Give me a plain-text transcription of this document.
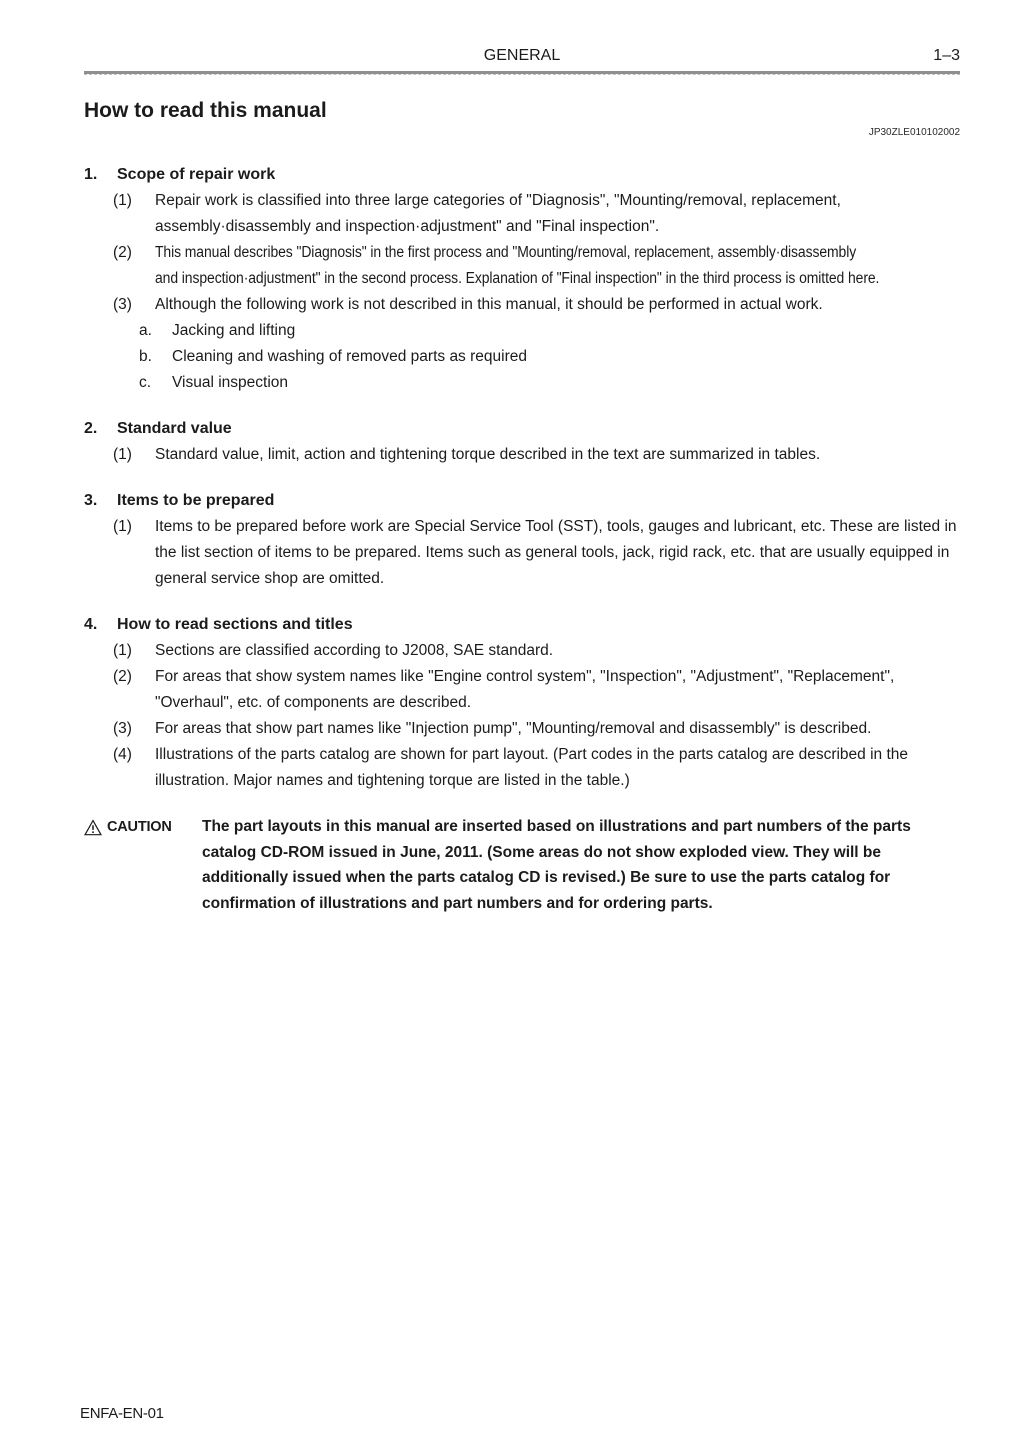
GENERAL	1–3
How to read this manual
JP30ZLE010102002
1.	Scope of repair work
(1)	Repair work is classified into three large categories of "Diagnosis", "Mounting/removal, replacement, assembly·disassembly and inspection·adjustment" and "Final inspection".
(2)	This manual describes "Diagnosis" in the first process and "Mounting/removal, replacement, assembly·disassembly and inspection·adjustment" in the second process. Explanation of "Final inspection" in the third process is omitted here.
(3)	Although the following work is not described in this manual, it should be performed in actual work.
a.	Jacking and lifting
b.	Cleaning and washing of removed parts as required
c.	Visual inspection
2.	Standard value
(1)	Standard value, limit, action and tightening torque described in the text are summarized in tables.
3.	Items to be prepared
(1)	Items to be prepared before work are Special Service Tool (SST), tools, gauges and lubricant, etc. These are listed in the list section of items to be prepared. Items such as general tools, jack, rigid rack, etc. that are usually equipped in general service shop are omitted.
4.	How to read sections and titles
(1)	Sections are classified according to J2008, SAE standard.
(2)	For areas that show system names like "Engine control system", "Inspection", "Adjustment", "Replacement", "Overhaul", etc. of components are described.
(3)	For areas that show part names like "Injection pump", "Mounting/removal and disassembly" is described.
(4)	Illustrations of the parts catalog are shown for part layout. (Part codes in the parts catalog are described in the illustration. Major names and tightening torque are listed in the table.)
CAUTION The part layouts in this manual are inserted based on illustrations and part numbers of the parts catalog CD-ROM issued in June, 2011. (Some areas do not show exploded view. They will be additionally issued when the parts catalog CD is revised.) Be sure to use the parts catalog for confirmation of illustrations and part numbers and for ordering parts.
ENFA-EN-01
